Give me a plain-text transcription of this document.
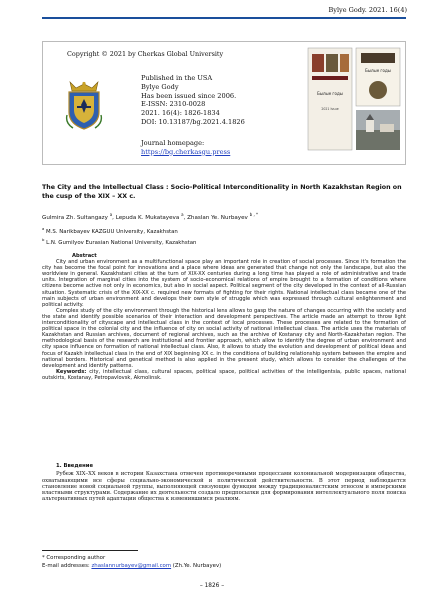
Bylye Gody. 2021. 16(4)
Copyright © 2021 by Cherkas Global University
Published in the USA
Bylye Gody
Has been issued since 2006.
E-ISSN: 2310-0028
2021. 16(4): 1826-1834
DOI: 10.13187/bg.2021.4.1826
Journal homepage:
https://bg.cherkasgu.press
Былые годы
2021 Issue
Былые годы
The City and the Intellectual Class : Socio-Political Interconditionality in North Kazakhstan Region on the cusp of the XIX – XX c.
Gulmira Zh. Sultangazy $^a$, Lepuda K. Mukatayeva $^a$, Zhaslan Ye. Nurbayev $^{b , *}$
$^a$ M.S. Narikbayev KAZGUU University, Kazakhstan
$^b$ L.N. Gumilyov Eurasian National University, Kazakhstan

Abstract

City and urban environment as a multifunctional space play an important role in creation of social processes. Since it's formation the city has become the focal point for innovations and a place where ideas are generated that change not only the landscape, but also the worldview in general. Kazakhstani cities at the turn of XIX-XX centuries during a long time has played a role of administrative and trade units. Integration of marginal cities into the system of socio-economical relations of empire brought to a formation of conditions where citizens become active not only in economics, but also in social aspect. Political segment of the city developed in the context of all-Russian situation. Systematic crisis of the XIX-XX c. required new formats of fighting for their rights. National intellectual class became one of the main subjects of urban environment and develops their own style of struggle which was expressed through cultural enlightenment and political activity.

Complex study of the city environment through the historical lens allows to gasp the nature of changes occurring with the society and the state and identify possible scenarios of their interaction and development perspectives. The article made an attempt to throw light interconditionality of cityscape and intellectual class in the context of local processes. These processes are related to the formation of political space in the colonial city and the influence of city on social activity of national intellectual class. The article uses the materials of Kazakhstan and Russian archives, document of regional archives, such as the archive of Kostanay city and North-Kazakhstan region. The methodological basis of the research are institutional and frontier approach, which allow to identify the degree of urban environment and city space influence on formation of national intellectual class. Also, it allows to study the evolution and development of political ideas and focus of Kazakh intellectual class in the end of XIX beginning XX c. in the conditions of building relationship system between the empire and national borders. Historical and genetical method is also applied in the present study, which allows to consider the challenges of the development and identify patterns.

Keywords: city, intellectual class, cultural spaces, political space, political activities of the intelligentsia, public spaces, national outskirts, Kostanay, Petropavlovsk, Akmolinsk.

1. Введение

Рубеж XIX–XX веков в истории Казахстана отмечен противоречивыми процессами колониальной модернизации общества, охватывающими все сферы социально-экономической и политической действительности. В этот период наблюдается становление новой социальной группы, выполняющей связующие функции между традиционалистским этносом и имперскими властными структурами. Содержание их деятельности создало предпосылки для формирования интеллектуального поля поиска альтернативных путей адаптации общества к изменившимся реалиям.

* Corresponding author
E-mail addresses: zhaslannurbayev@gmail.com (Zh.Ye. Nurbayev)
– 1826 –
